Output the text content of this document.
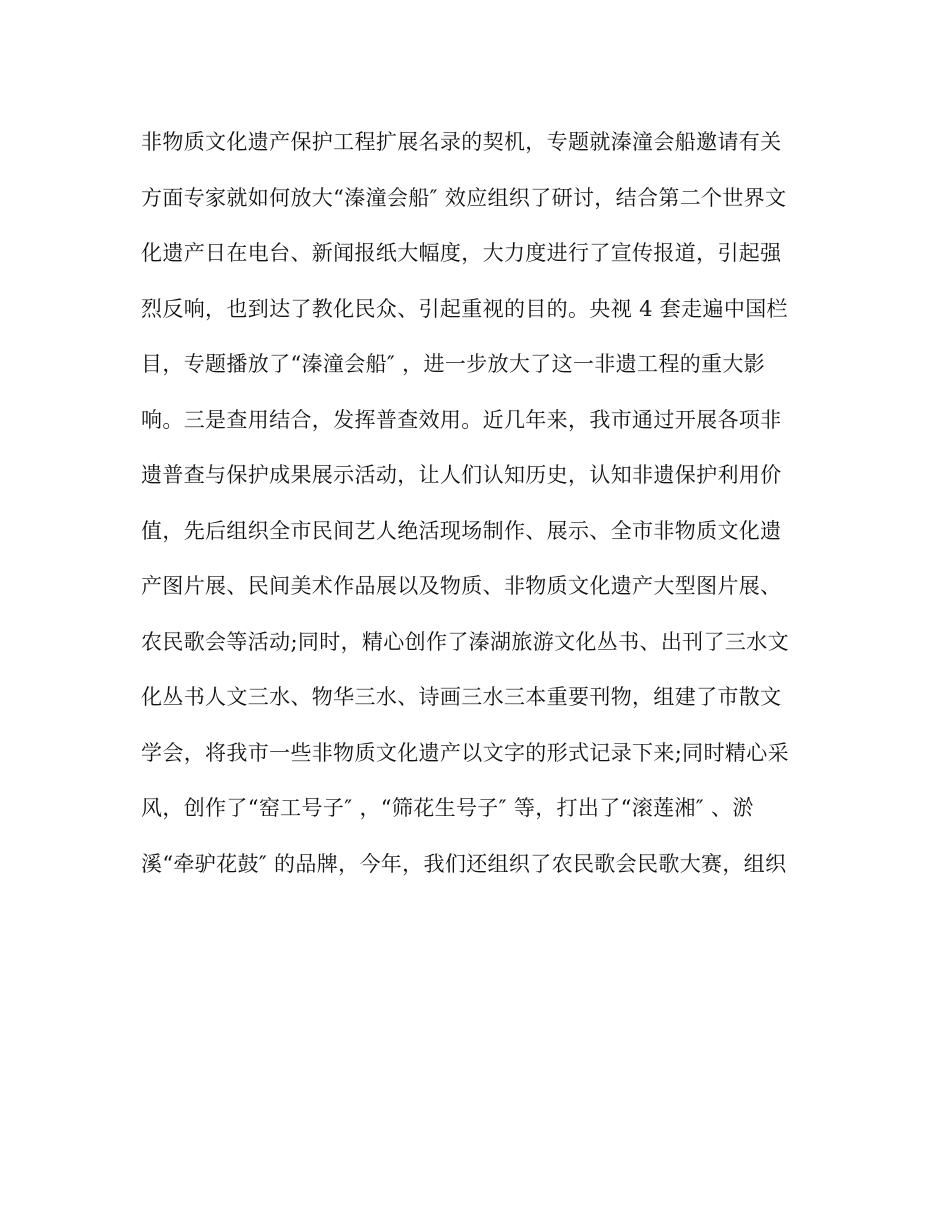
非物质文化遗产保护工程扩展名录的契机，专题就溱潼会船邀请有关
方面专家就如何放大“溱潼会船″ 效应组织了研讨，结合第二个世界文
化遗产日在电台、新闻报纸大幅度，大力度进行了宣传报道，引起强
烈反响，也到达了教化民众、引起重视的目的。央视 4 套走遍中国栏
目，专题播放了“溱潼会船″ ，进一步放大了这一非遗工程的重大影
响。三是查用结合，发挥普查效用。近几年来，我市通过开展各项非
遗普查与保护成果展示活动，让人们认知历史，认知非遗保护利用价
值，先后组织全市民间艺人绝活现场制作、展示、全市非物质文化遗
产图片展、民间美术作品展以及物质、非物质文化遗产大型图片展、
农民歌会等活动;同时，精心创作了溱湖旅游文化丛书、出刊了三水文
化丛书人文三水、物华三水、诗画三水三本重要刊物，组建了市散文
学会，将我市一些非物质文化遗产以文字的形式记录下来;同时精心采
风，创作了“窑工号子″ ，“筛花生号子″ 等，打出了“滚莲湘″ 、淤
溪“牵驴花鼓″ 的品牌，今年，我们还组织了农民歌会民歌大赛，组织
